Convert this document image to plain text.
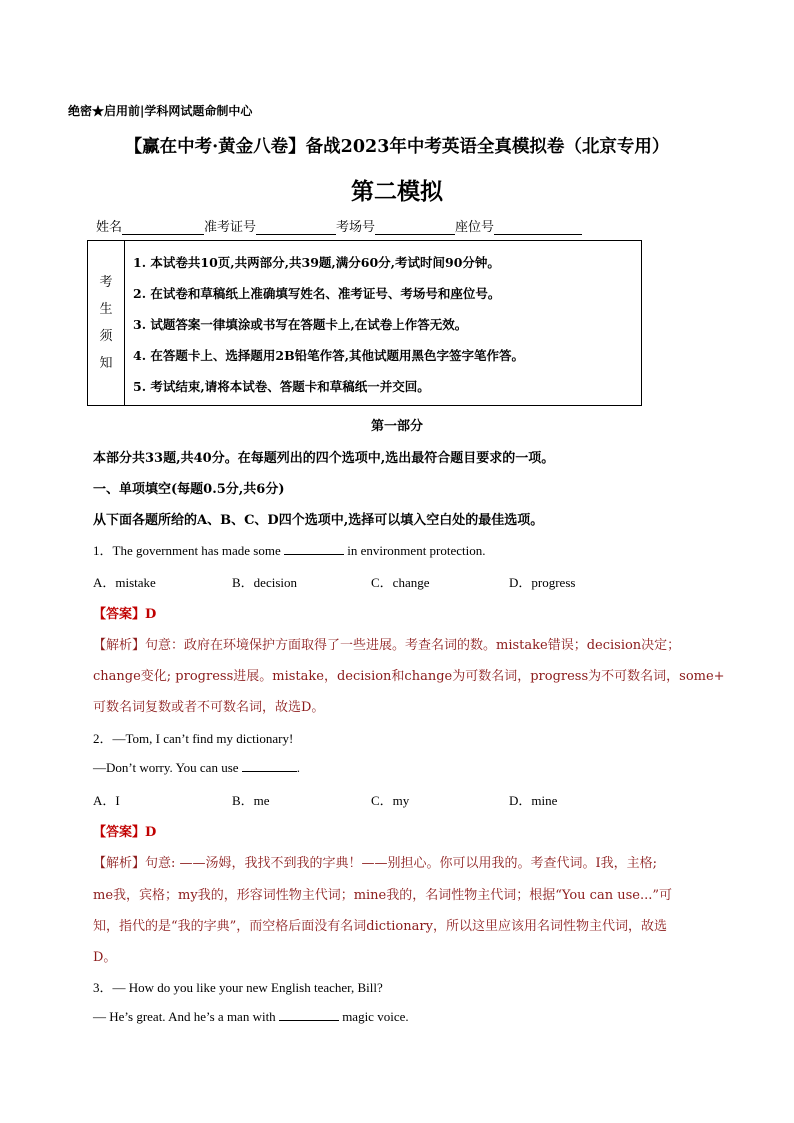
绝密★启用前|学科网试题命制中心
【赢在中考·黄金八卷】备战2023年中考英语全真模拟卷（北京专用）
第二模拟
姓名	准考证号	考场号	座位号
考
生
须
知
1. 本试卷共10页,共两部分,共39题,满分60分,考试时间90分钟。
2. 在试卷和草稿纸上准确填写姓名、准考证号、考场号和座位号。
3. 试题答案一律填涂或书写在答题卡上,在试卷上作答无效。
4. 在答题卡上、选择题用2B铅笔作答,其他试题用黑色字签字笔作答。
5. 考试结束,请将本试卷、答题卡和草稿纸一并交回。
第一部分
本部分共33题,共40分。在每题列出的四个选项中,选出最符合题目要求的一项。
一、单项填空(每题0.5分,共6分)
从下面各题所给的A、B、C、D四个选项中,选择可以填入空白处的最佳选项。
1．The government has made some	in environment protection.
A．mistake	B．decision	C．change	D．progress
【答案】D
【解析】句意：政府在环境保护方面取得了一些进展。考查名词的数。mistake错误；decision决定；
change变化; progress进展。mistake，decision和change为可数名词，progress为不可数名词，some+
可数名词复数或者不可数名词，故选D。
2．—Tom, I can’t find my dictionary!
—Don’t worry. You can use	.
A．I	B．me	C．my	D．mine
【答案】D
【解析】句意: ——汤姆，我找不到我的字典！——别担心。你可以用我的。考查代词。I我，主格;
me我，宾格；my我的，形容词性物主代词；mine我的，名词性物主代词；根据“You can use...”可
知，指代的是“我的字典”，而空格后面没有名词dictionary，所以这里应该用名词性物主代词，故选
D。
3．— How do you like your new English teacher, Bill?
— He’s great. And he’s a man with	magic voice.
